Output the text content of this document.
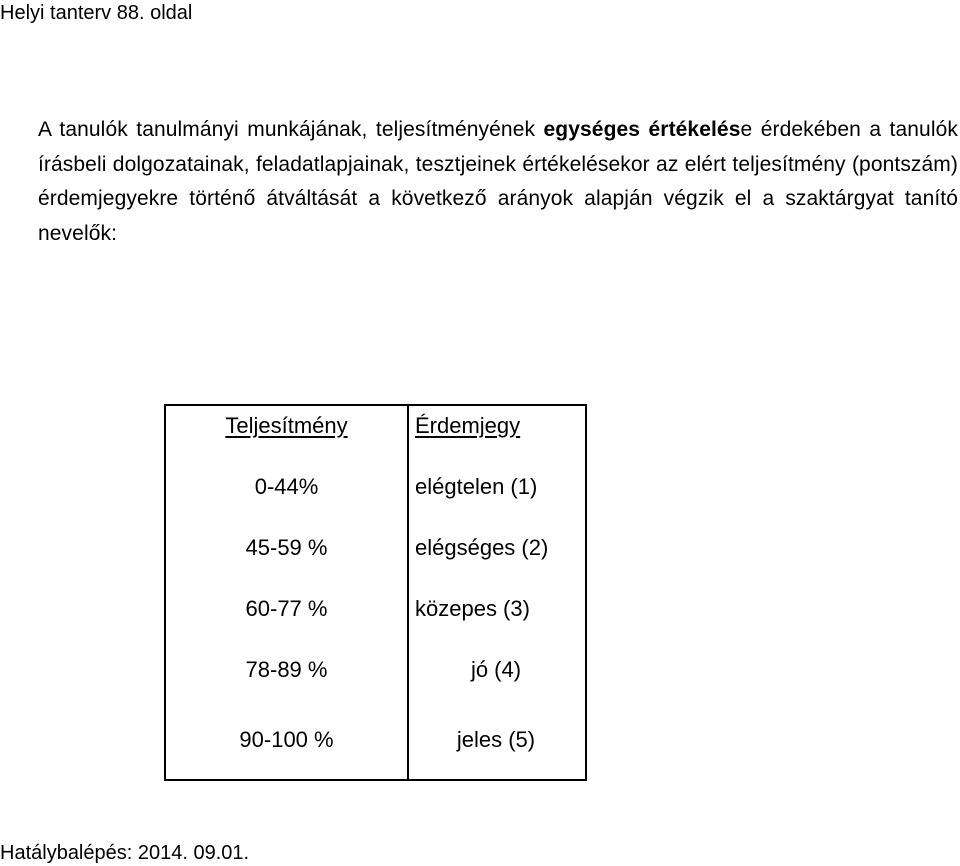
Helyi tanterv 88. oldal
A tanulók tanulmányi munkájának, teljesítményének egységes értékelése érdekében a tanulók írásbeli dolgozatainak, feladatlapjainak, tesztjeinek értékelésekor az elért teljesítmény (pontszám) érdemjegyekre történő átváltását a következő arányok alapján végzik el a szaktárgyat tanító nevelők:
Teljesítmény	Érdemjegy
0-44%	elégtelen (1)
45-59 %	elégséges (2)
60-77 %	közepes (3)
78-89 %	jó (4)
90-100 %	jeles (5)
Hatálybalépés: 2014. 09.01.
